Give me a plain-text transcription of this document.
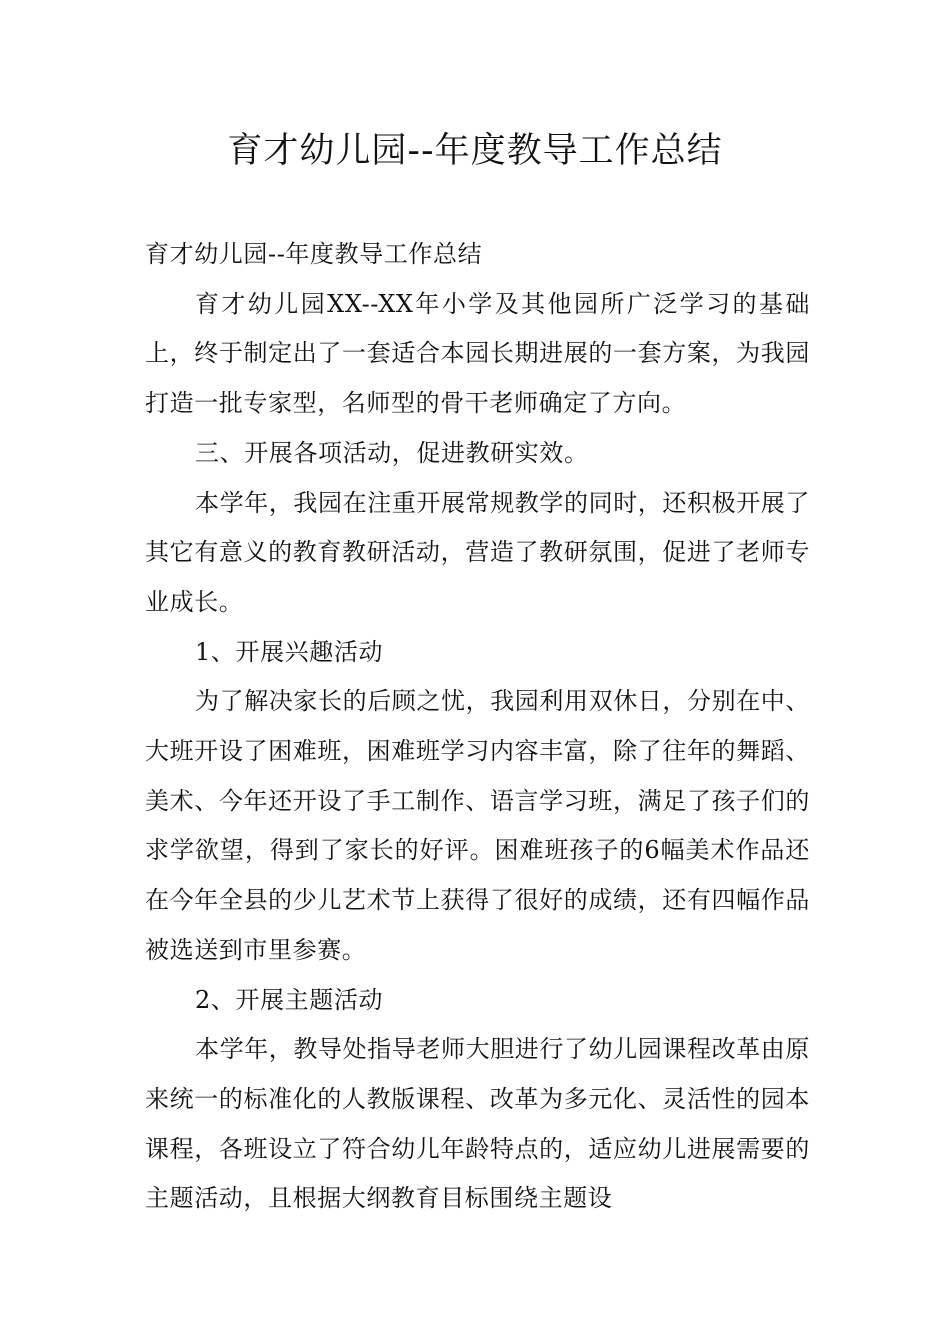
育才幼儿园--年度教导工作总结

育才幼儿园--年度教导工作总结

育才幼儿园XX--XX年小学及其他园所广泛学习的基础上，终于制定出了一套适合本园长期进展的一套方案，为我园打造一批专家型，名师型的骨干老师确定了方向。

三、开展各项活动，促进教研实效。

本学年，我园在注重开展常规教学的同时，还积极开展了其它有意义的教育教研活动，营造了教研氛围，促进了老师专业成长。

1、开展兴趣活动

为了解决家长的后顾之忧，我园利用双休日，分别在中、大班开设了困难班，困难班学习内容丰富，除了往年的舞蹈、美术、今年还开设了手工制作、语言学习班，满足了孩子们的求学欲望，得到了家长的好评。困难班孩子的6幅美术作品还在今年全县的少儿艺术节上获得了很好的成绩，还有四幅作品被选送到市里参赛。

2、开展主题活动

本学年，教导处指导老师大胆进行了幼儿园课程改革由原来统一的标准化的人教版课程、改革为多元化、灵活性的园本课程，各班设立了符合幼儿年龄特点的，适应幼儿进展需要的主题活动，且根据大纲教育目标围绕主题设
